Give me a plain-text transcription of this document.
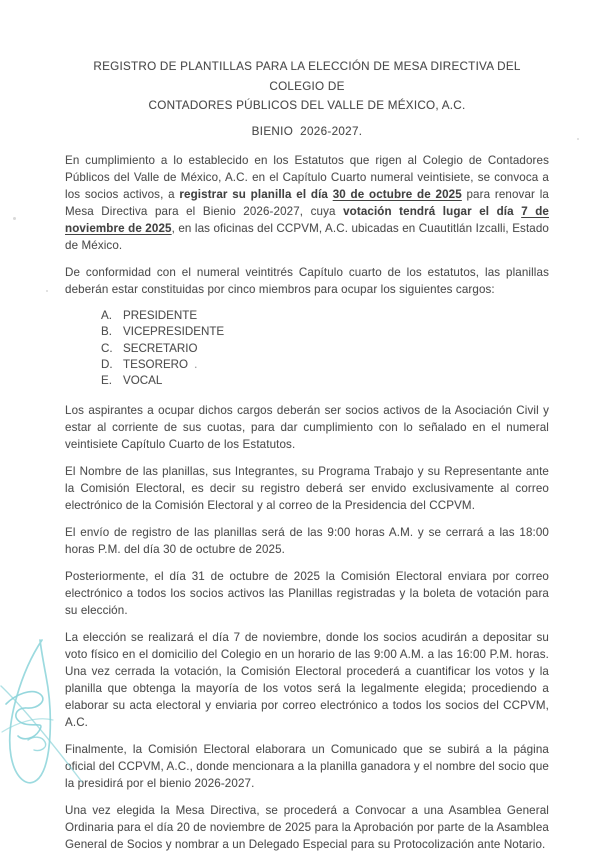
REGISTRO DE PLANTILLAS PARA LA ELECCIÓN DE MESA DIRECTIVA DEL COLEGIO DE
CONTADORES PÚBLICOS DEL VALLE DE MÉXICO, A.C.
BIENIO  2026-2027.

En cumplimiento a lo establecido en los Estatutos que rigen al Colegio de Contadores Públicos del Valle de México, A.C. en el Capítulo Cuarto numeral veintisiete, se convoca a los socios activos, a registrar su planilla el día 30 de octubre de 2025 para renovar la Mesa Directiva para el Bienio 2026-2027, cuya votación tendrá lugar el día 7 de noviembre de 2025, en las oficinas del CCPVM, A.C. ubicadas en Cuautitlán Izcalli, Estado de México.

De conformidad con el numeral veintitrés Capítulo cuarto de los estatutos, las planillas deberán estar constituidas por cinco miembros para ocupar los siguientes cargos:

A. PRESIDENTE
B. VICEPRESIDENTE
C. SECRETARIO
D. TESORERO .
E. VOCAL

Los aspirantes a ocupar dichos cargos deberán ser socios activos de la Asociación Civil y estar al corriente de sus cuotas, para dar cumplimiento con lo señalado en el numeral veintisiete Capítulo Cuarto de los Estatutos.

El Nombre de las planillas, sus Integrantes, su Programa Trabajo y su Representante ante la Comisión Electoral, es decir su registro deberá ser envido exclusivamente al correo electrónico de la Comisión Electoral y al correo de la Presidencia del CCPVM.

El envío de registro de las planillas será de las 9:00 horas A.M. y se cerrará a las 18:00 horas P.M. del día 30 de octubre de 2025.

Posteriormente, el día 31 de octubre de 2025 la Comisión Electoral enviara por correo electrónico a todos los socios activos las Planillas registradas y la boleta de votación para su elección.

La elección se realizará el día 7 de noviembre, donde los socios acudirán a depositar su voto físico en el domicilio del Colegio en un horario de las 9:00 A.M. a las 16:00 P.M. horas. Una vez cerrada la votación, la Comisión Electoral procederá a cuantificar los votos y la planilla que obtenga la mayoría de los votos será la legalmente elegida; procediendo a elaborar su acta electoral y enviaria por correo electrónico a todos los socios del CCPVM, A.C.

Finalmente, la Comisión Electoral elaborara un Comunicado que se subirá a la página oficial del CCPVM, A.C., donde mencionara a la planilla ganadora y el nombre del socio que la presidirá por el bienio 2026-2027.

Una vez elegida la Mesa Directiva, se procederá a Convocar a una Asamblea General Ordinaria para el día 20 de noviembre de 2025 para la Aprobación por parte de la Asamblea General de Socios y nombrar a un Delegado Especial para su Protocolización ante Notario.
